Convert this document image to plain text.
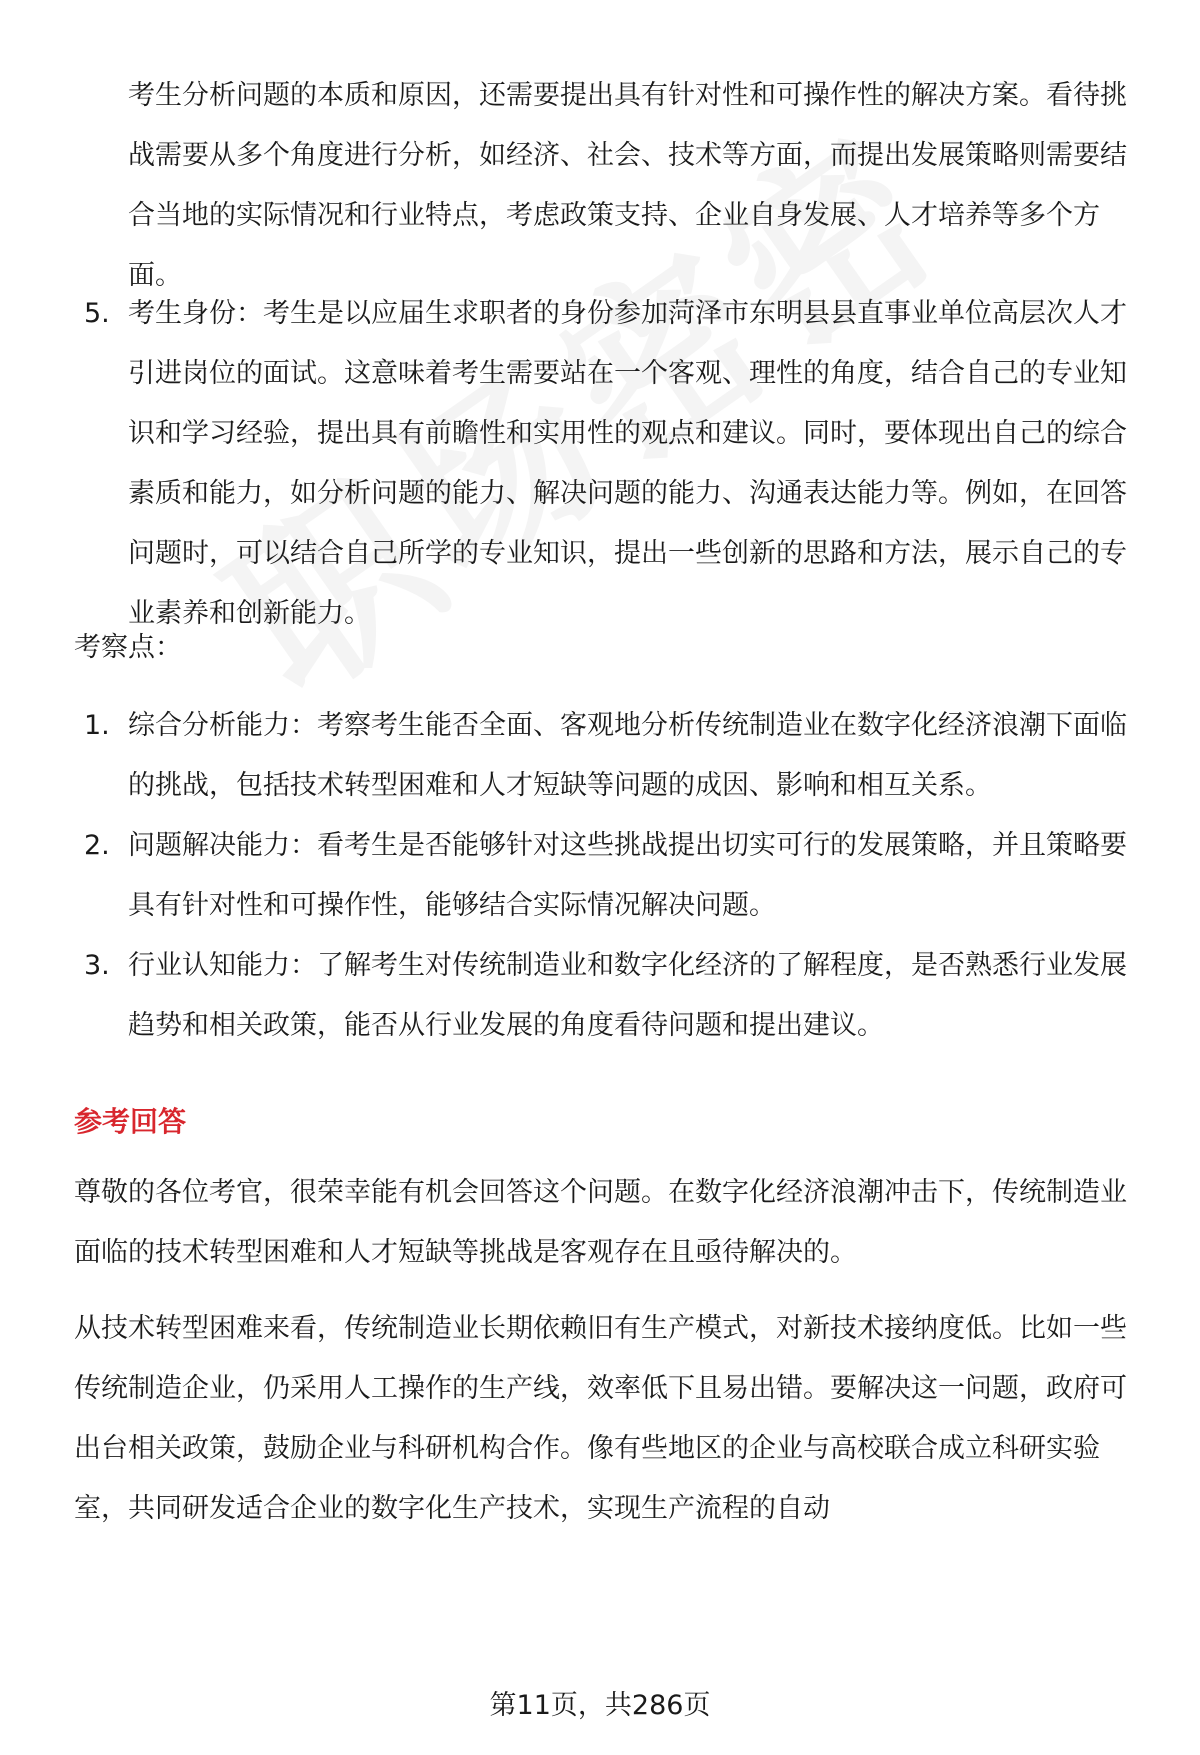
考生分析问题的本质和原因，还需要提出具有针对性和可操作性的解决方案。看待挑战需要从多个角度进行分析，如经济、社会、技术等方面，而提出发展策略则需要结合当地的实际情况和行业特点，考虑政策支持、企业自身发展、人才培养等多个方面。
5. 考生身份：考生是以应届生求职者的身份参加菏泽市东明县县直事业单位高层次人才引进岗位的面试。这意味着考生需要站在一个客观、理性的角度，结合自己的专业知识和学习经验，提出具有前瞻性和实用性的观点和建议。同时，要体现出自己的综合素质和能力，如分析问题的能力、解决问题的能力、沟通表达能力等。例如，在回答问题时，可以结合自己所学的专业知识，提出一些创新的思路和方法，展示自己的专业素养和创新能力。
考察点：
1. 综合分析能力：考察考生能否全面、客观地分析传统制造业在数字化经济浪潮下面临的挑战，包括技术转型困难和人才短缺等问题的成因、影响和相互关系。
2. 问题解决能力：看考生是否能够针对这些挑战提出切实可行的发展策略，并且策略要具有针对性和可操作性，能够结合实际情况解决问题。
3. 行业认知能力：了解考生对传统制造业和数字化经济的了解程度，是否熟悉行业发展趋势和相关政策，能否从行业发展的角度看待问题和提出建议。
参考回答
尊敬的各位考官，很荣幸能有机会回答这个问题。在数字化经济浪潮冲击下，传统制造业面临的技术转型困难和人才短缺等挑战是客观存在且亟待解决的。
从技术转型困难来看，传统制造业长期依赖旧有生产模式，对新技术接纳度低。比如一些传统制造企业，仍采用人工操作的生产线，效率低下且易出错。要解决这一问题，政府可出台相关政策，鼓励企业与科研机构合作。像有些地区的企业与高校联合成立科研实验室，共同研发适合企业的数字化生产技术，实现生产流程的自动
第11页，共286页
